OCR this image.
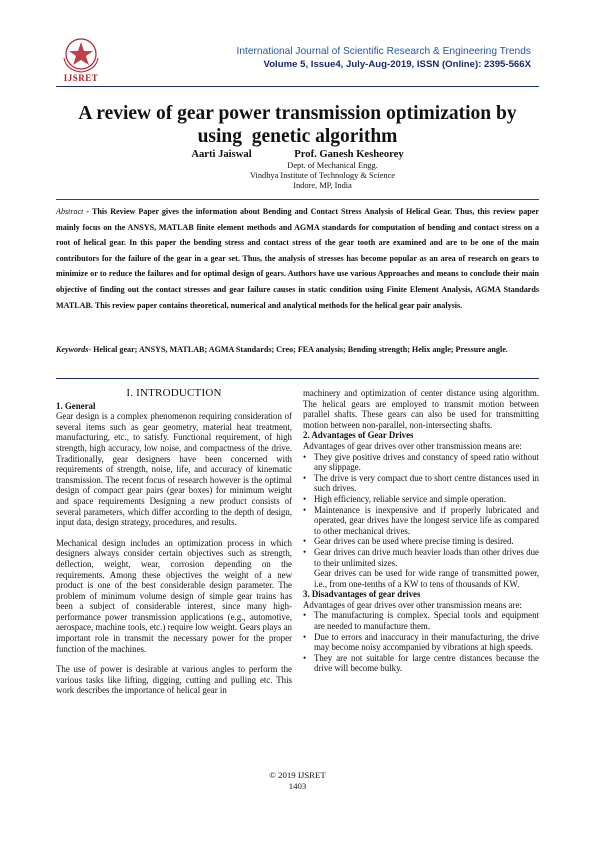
IJSRET
International Journal of Scientific Research & Engineering Trends
Volume 5, Issue4, July-Aug-2019, ISSN (Online): 2395-566X
A review of gear power transmission optimization by
using  genetic algorithm
Aarti Jaiswal	Prof. Ganesh Kesheorey
Dept. of Mechanical Engg.
Vindhya Institute of Technology & Science
Indore, MP, India
Abstract - This Review Paper gives the information about Bending and Contact Stress Analysis of Helical Gear. Thus, this review paper mainly focus on the ANSYS, MATLAB finite element methods and AGMA standards for computation of bending and contact stress on a root of helical gear. In this paper the bending stress and contact stress of the gear tooth are examined and are to be one of the main contributors for the failure of the gear in a gear set. Thus, the analysis of stresses has become popular as an area of research on gears to minimize or to reduce the failures and for optimal design of gears. Authors have use various Approaches and means to conclude their main objective of finding out the contact stresses and gear failure causes in static condition using Finite Element Analysis, AGMA Standards MATLAB. This review paper contains theoretical, numerical and analytical methods for the helical gear pair analysis.
Keywords- Helical gear; ANSYS, MATLAB; AGMA Standards; Creo; FEA analysis; Bending strength; Helix angle; Pressure angle.
I. INTRODUCTION

1. General

Gear design is a complex phenomenon requiring consideration of several items such as gear geometry, material heat treatment, manufacturing, etc., to satisfy. Functional requirement, of high strength, high accuracy, low noise, and compactness of the drive. Traditionally, gear designers have been concerned with requirements of strength, noise, life, and accuracy of kinematic transmission. The recent focus of research however is the optimal design of compact gear pairs (gear boxes) for minimum weight and space requirements Designing a new product consists of several parameters, which differ according to the depth of design, input data, design strategy, procedures, and results.

Mechanical design includes an optimization process in which designers always consider certain objectives such as strength, deflection, weight, wear, corrosion depending on the requirements. Among these objectives the weight of a new product is one of the best considerable design parameter. The problem of minimum volume design of simple gear trains has been a subject of considerable interest, since many high-performance power transmission applications (e.g., automotive, aerospace, machine tools, etc.) require low weight. Gears plays an important role in transmit the necessary power for the proper function of the machines.

The use of power is desirable at various angles to perform the various tasks like lifting, digging, cutting and pulling etc. This work describes the importance of helical gear in

machinery and optimization of center distance using algorithm. The helical gears are employed to transmit motion between parallel shafts. These gears can also be used for transmitting motion between non-parallel, non-intersecting shafts.

2. Advantages of Gear Drives

Advantages of gear drives over other transmission means are:

• They give positive drives and constancy of speed ratio without any slippage.
• The drive is very compact due to short centre distances used in such drives.
• High efficiency, reliable service and simple operation.
• Maintenance is inexpensive and if properly lubricated and operated, gear drives have the longest service life as compared to other mechanical drives.
• Gear drives can be used where precise timing is desired.
• Gear drives can drive much heavier loads than other drives due to their unlimited sizes.
Gear drives can be used for wide range of transmitted power, i.e., from one-tenths of a KW to tens of thousands of KW.

3. Disadvantages of gear drives

Advantages of gear drives over other transmission means are:

• The manufacturing is complex. Special tools and equipment are needed to manufacture them.
• Due to errors and inaccuracy in their manufacturing, the drive may become noisy accompanied by vibrations at high speeds.
• They are not suitable for large centre distances because the drive will become bulky.
© 2019 IJSRET
1403
